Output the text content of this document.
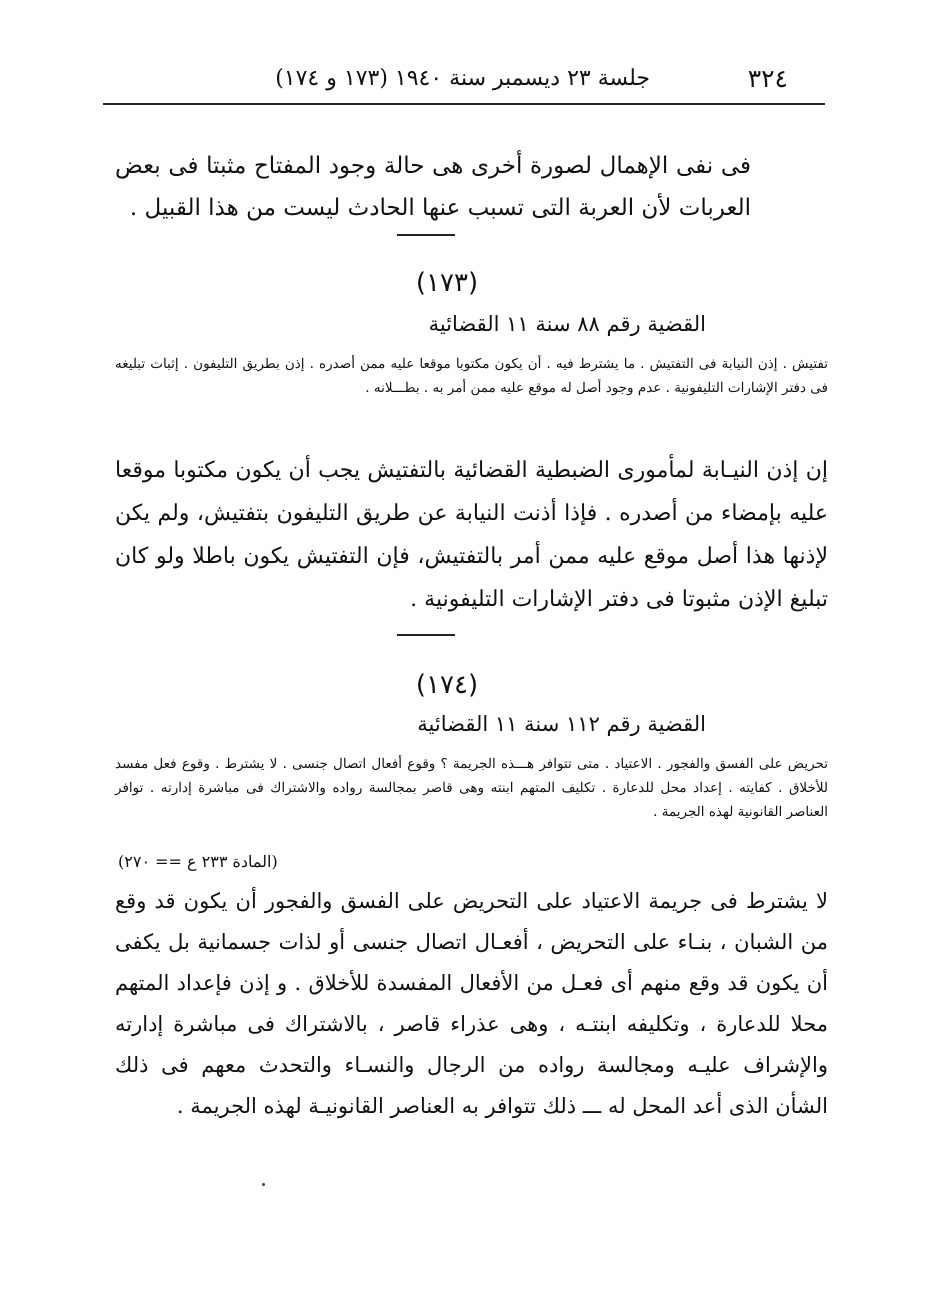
٣٢٤
جلسة ٢٣ ديسمبر سنة ١٩٤٠ (١٧٣ و ١٧٤)

فى نفى الإهمال لصورة أخرى هى حالة وجود المفتاح مثبتا فى بعض العربات لأن العربة التى تسبب عنها الحادث ليست من هذا القبيل .

(١٧٣)
القضية رقم ٨٨ سنة ١١ القضائية

تفتيش . إذن النيابة فى التفتيش . ما يشترط فيه . أن يكون مكتوبا موقعا عليه ممن أصدره . إذن بطريق التليفون . إثبات تبليغه فى دفتر الإشارات التليفونية . عدم وجود أصل له موقع عليه ممن أمر به . بطـــلانه .

إن إذن النيـابة لمأمورى الضبطية القضائية بالتفتيش يجب أن يكون مكتوبا موقعا عليه بإمضاء من أصدره . فإذا أذنت النيابة عن طريق التليفون بتفتيش، ولم يكن لإذنها هذا أصل موقع عليه ممن أمر بالتفتيش، فإن التفتيش يكون باطلا ولو كان تبليغ الإذن مثبوتا فى دفتر الإشارات التليفونية .

(١٧٤)
القضية رقم ١١٢ سنة ١١ القضائية

تحريض على الفسق والفجور . الاعتياد . متى تتوافر هـــذه الجريمة ؟ وقوع أفعال اتصال جنسى . لا يشترط . وقوع فعل مفسد للأخلاق . كفايته . إعداد محل للدعارة . تكليف المتهم ابنته وهى قاصر بمجالسة رواده والاشتراك فى مباشرة إدارته . توافر العناصر القانونية لهذه الجريمة .

(المادة ٢٣٣ ع == ٢٧٠)

لا يشترط فى جريمة الاعتياد على التحريض على الفسق والفجور أن يكون قد وقع من الشبان ، بنـاء على التحريض ، أفعـال اتصال جنسى أو لذات جسمانية بل يكفى أن يكون قد وقع منهم أى فعـل من الأفعال المفسدة للأخلاق . و إذن فإعداد المتهم محلا للدعارة ، وتكليفه ابنتـه ، وهى عذراء قاصر ، بالاشتراك فى مباشرة إدارته والإشراف عليـه ومجالسة رواده من الرجال والنسـاء والتحدث معهم فى ذلك الشأن الذى أعد المحل له ـــ ذلك تتوافر به العناصر القانونيـة لهذه الجريمة .
